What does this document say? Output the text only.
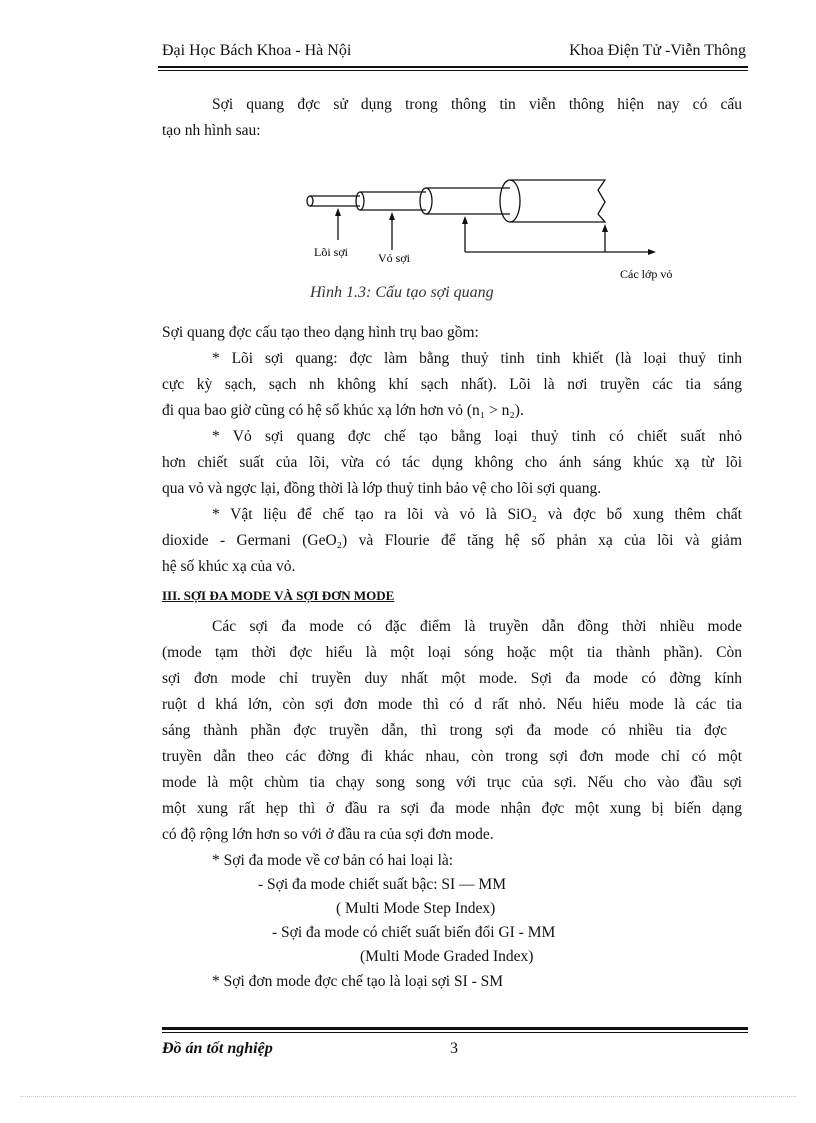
Đại Học Bách Khoa - Hà Nội	Khoa Điện Tử -Viễn Thông
Sợi quang đợc sử dụng trong thông tin viễn thông hiện nay có cấu
tạo nh hình sau:
Lõi sợi Vỏ sợi
Các lớp vỏ
Hình 1.3: Cấu tạo sợi quang
Sợi quang đợc cấu tạo theo dạng hình trụ bao gồm:
* Lõi sợi quang: đợc làm bằng thuỷ tinh tinh khiết (là loại thuỷ tinh
cực kỳ sạch, sạch nh không khí sạch nhất). Lõi là nơi truyền các tia sáng
đi qua bao giờ cũng có hệ số khúc xạ lớn hơn vỏ (n₁ > n₂).
* Vỏ sợi quang đợc chế tạo bằng loại thuỷ tinh có chiết suất nhỏ
hơn chiết suất của lõi, vừa có tác dụng không cho ánh sáng khúc xạ từ lõi
qua vỏ và ngợc lại, đồng thời là lớp thuỷ tinh bảo vệ cho lõi sợi quang.
* Vật liệu để chế tạo ra lõi và vỏ là SiO₂ và đợc bổ xung thêm chất
dioxide - Germani (GeO₂) và Flourie để tăng hệ số phản xạ của lõi và giảm
hệ số khúc xạ của vỏ.
III. SỢI ĐA MODE VÀ SỢI ĐƠN MODE
Các sợi đa mode có đặc điểm là truyền dẫn đồng thời nhiều mode
(mode tạm thời đợc hiểu là một loại sóng hoặc một tia thành phần). Còn
sợi đơn mode chỉ truyền duy nhất một mode. Sợi đa mode có đờng kính
ruột d khá lớn, còn sợi đơn mode thì có d rất nhỏ. Nếu hiểu mode là các tia
sáng thành phần đợc truyền dẫn, thì trong sợi đa mode có nhiều tia đợc
truyền dẫn theo các đờng đi khác nhau, còn trong sợi đơn mode chỉ có một
mode là một chùm tia chạy song song với trục của sợi. Nếu cho vào đầu sợi
một xung rất hẹp thì ở đầu ra sợi đa mode nhận đợc một xung bị biến dạng
có độ rộng lớn hơn so với ở đầu ra của sợi đơn mode.
* Sợi đa mode về cơ bản có hai loại là:
- Sợi đa mode chiết suất bậc: SI — MM
( Multi Mode Step Index)
- Sợi đa mode có chiết suất biến đổi GI - MM
(Multi Mode Graded Index)
* Sợi đơn mode đợc chế tạo là loại sợi SI - SM
Đồ án tốt nghiệp	3
